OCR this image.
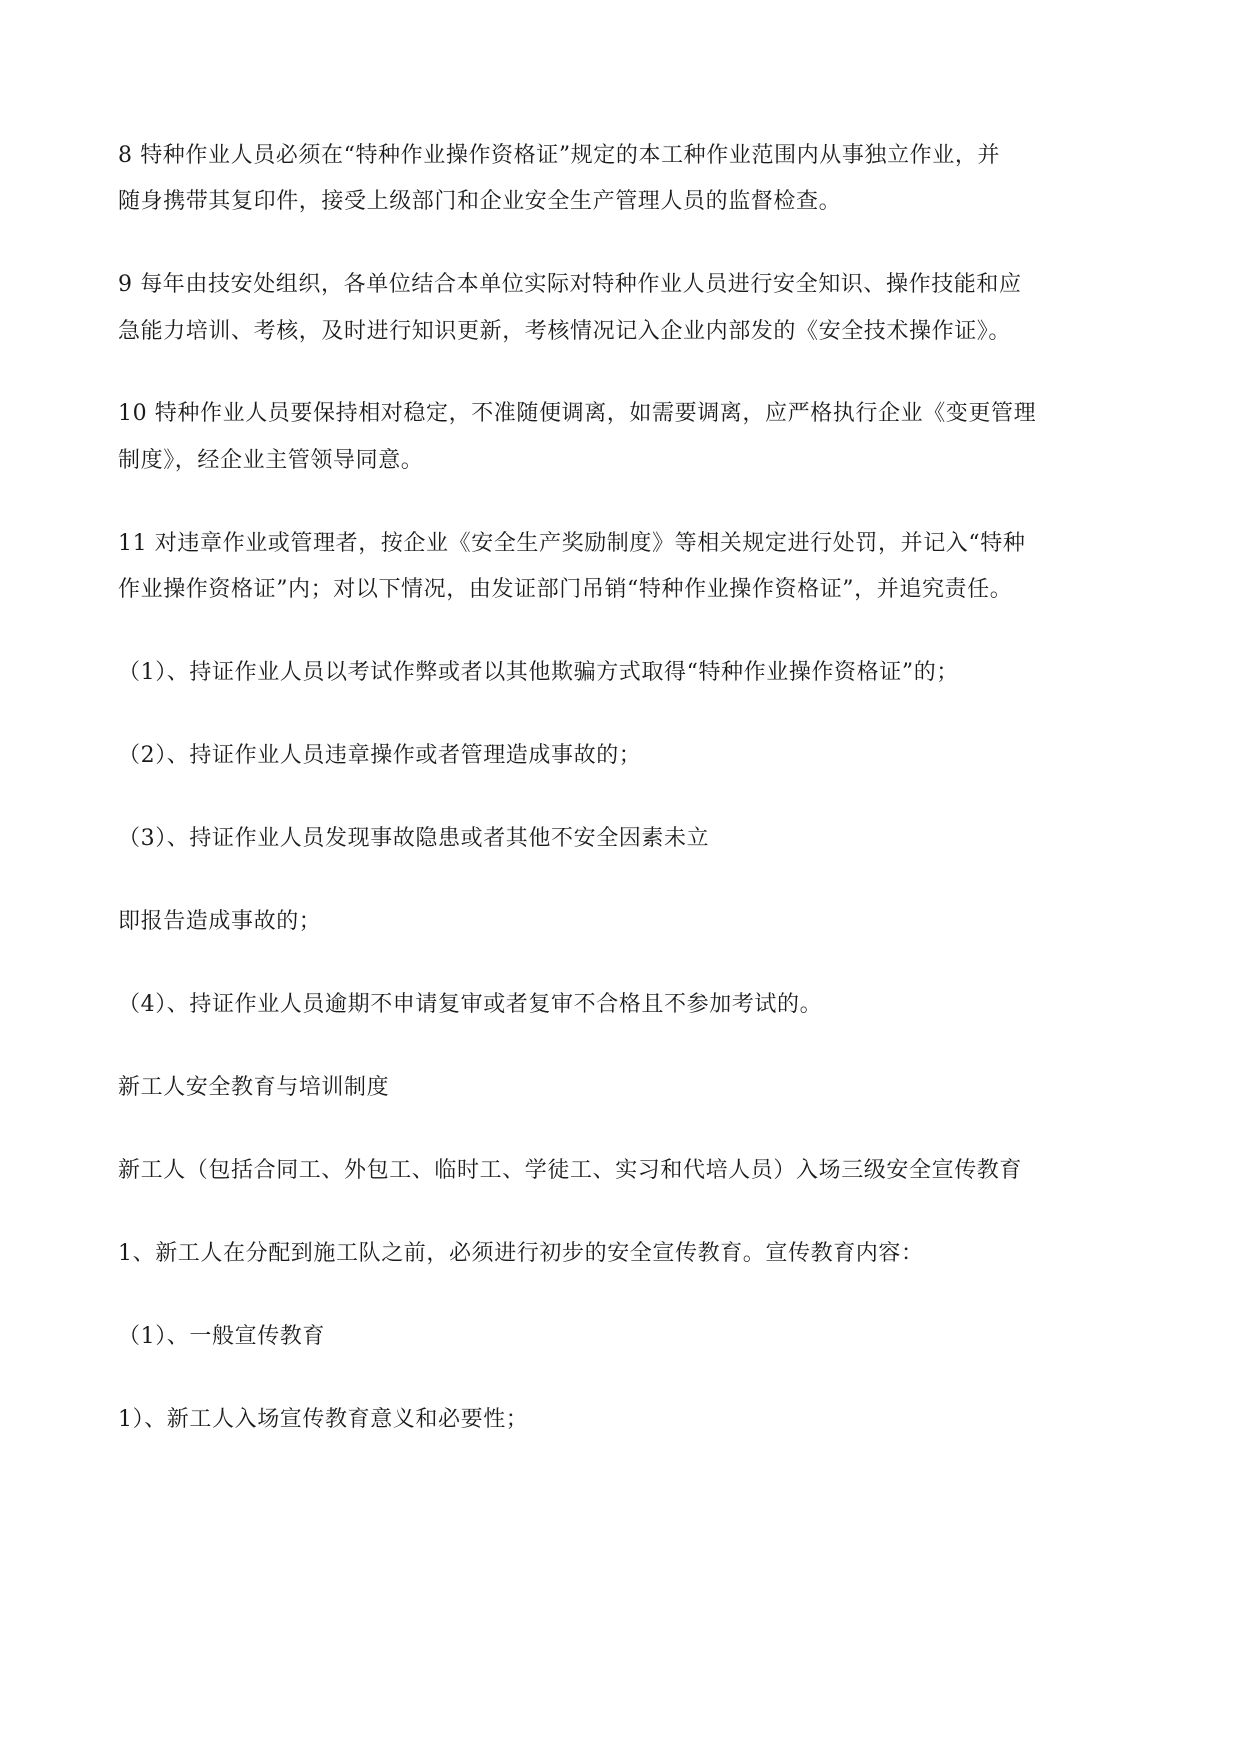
8 特种作业人员必须在“特种作业操作资格证”规定的本工种作业范围内从事独立作业，并
随身携带其复印件，接受上级部门和企业安全生产管理人员的监督检查。
9 每年由技安处组织，各单位结合本单位实际对特种作业人员进行安全知识、操作技能和应
急能力培训、考核，及时进行知识更新，考核情况记入企业内部发的《安全技术操作证》。
10 特种作业人员要保持相对稳定，不准随便调离，如需要调离，应严格执行企业《变更管理
制度》，经企业主管领导同意。
11 对违章作业或管理者，按企业《安全生产奖励制度》等相关规定进行处罚，并记入“特种
作业操作资格证”内；对以下情况，由发证部门吊销“特种作业操作资格证”，并追究责任。
（1）、持证作业人员以考试作弊或者以其他欺骗方式取得“特种作业操作资格证”的；
（2）、持证作业人员违章操作或者管理造成事故的；
（3）、持证作业人员发现事故隐患或者其他不安全因素未立
即报告造成事故的；
（4）、持证作业人员逾期不申请复审或者复审不合格且不参加考试的。
新工人安全教育与培训制度
新工人（包括合同工、外包工、临时工、学徒工、实习和代培人员）入场三级安全宣传教育
1、新工人在分配到施工队之前，必须进行初步的安全宣传教育。宣传教育内容：
（1）、一般宣传教育
1）、新工人入场宣传教育意义和必要性；
